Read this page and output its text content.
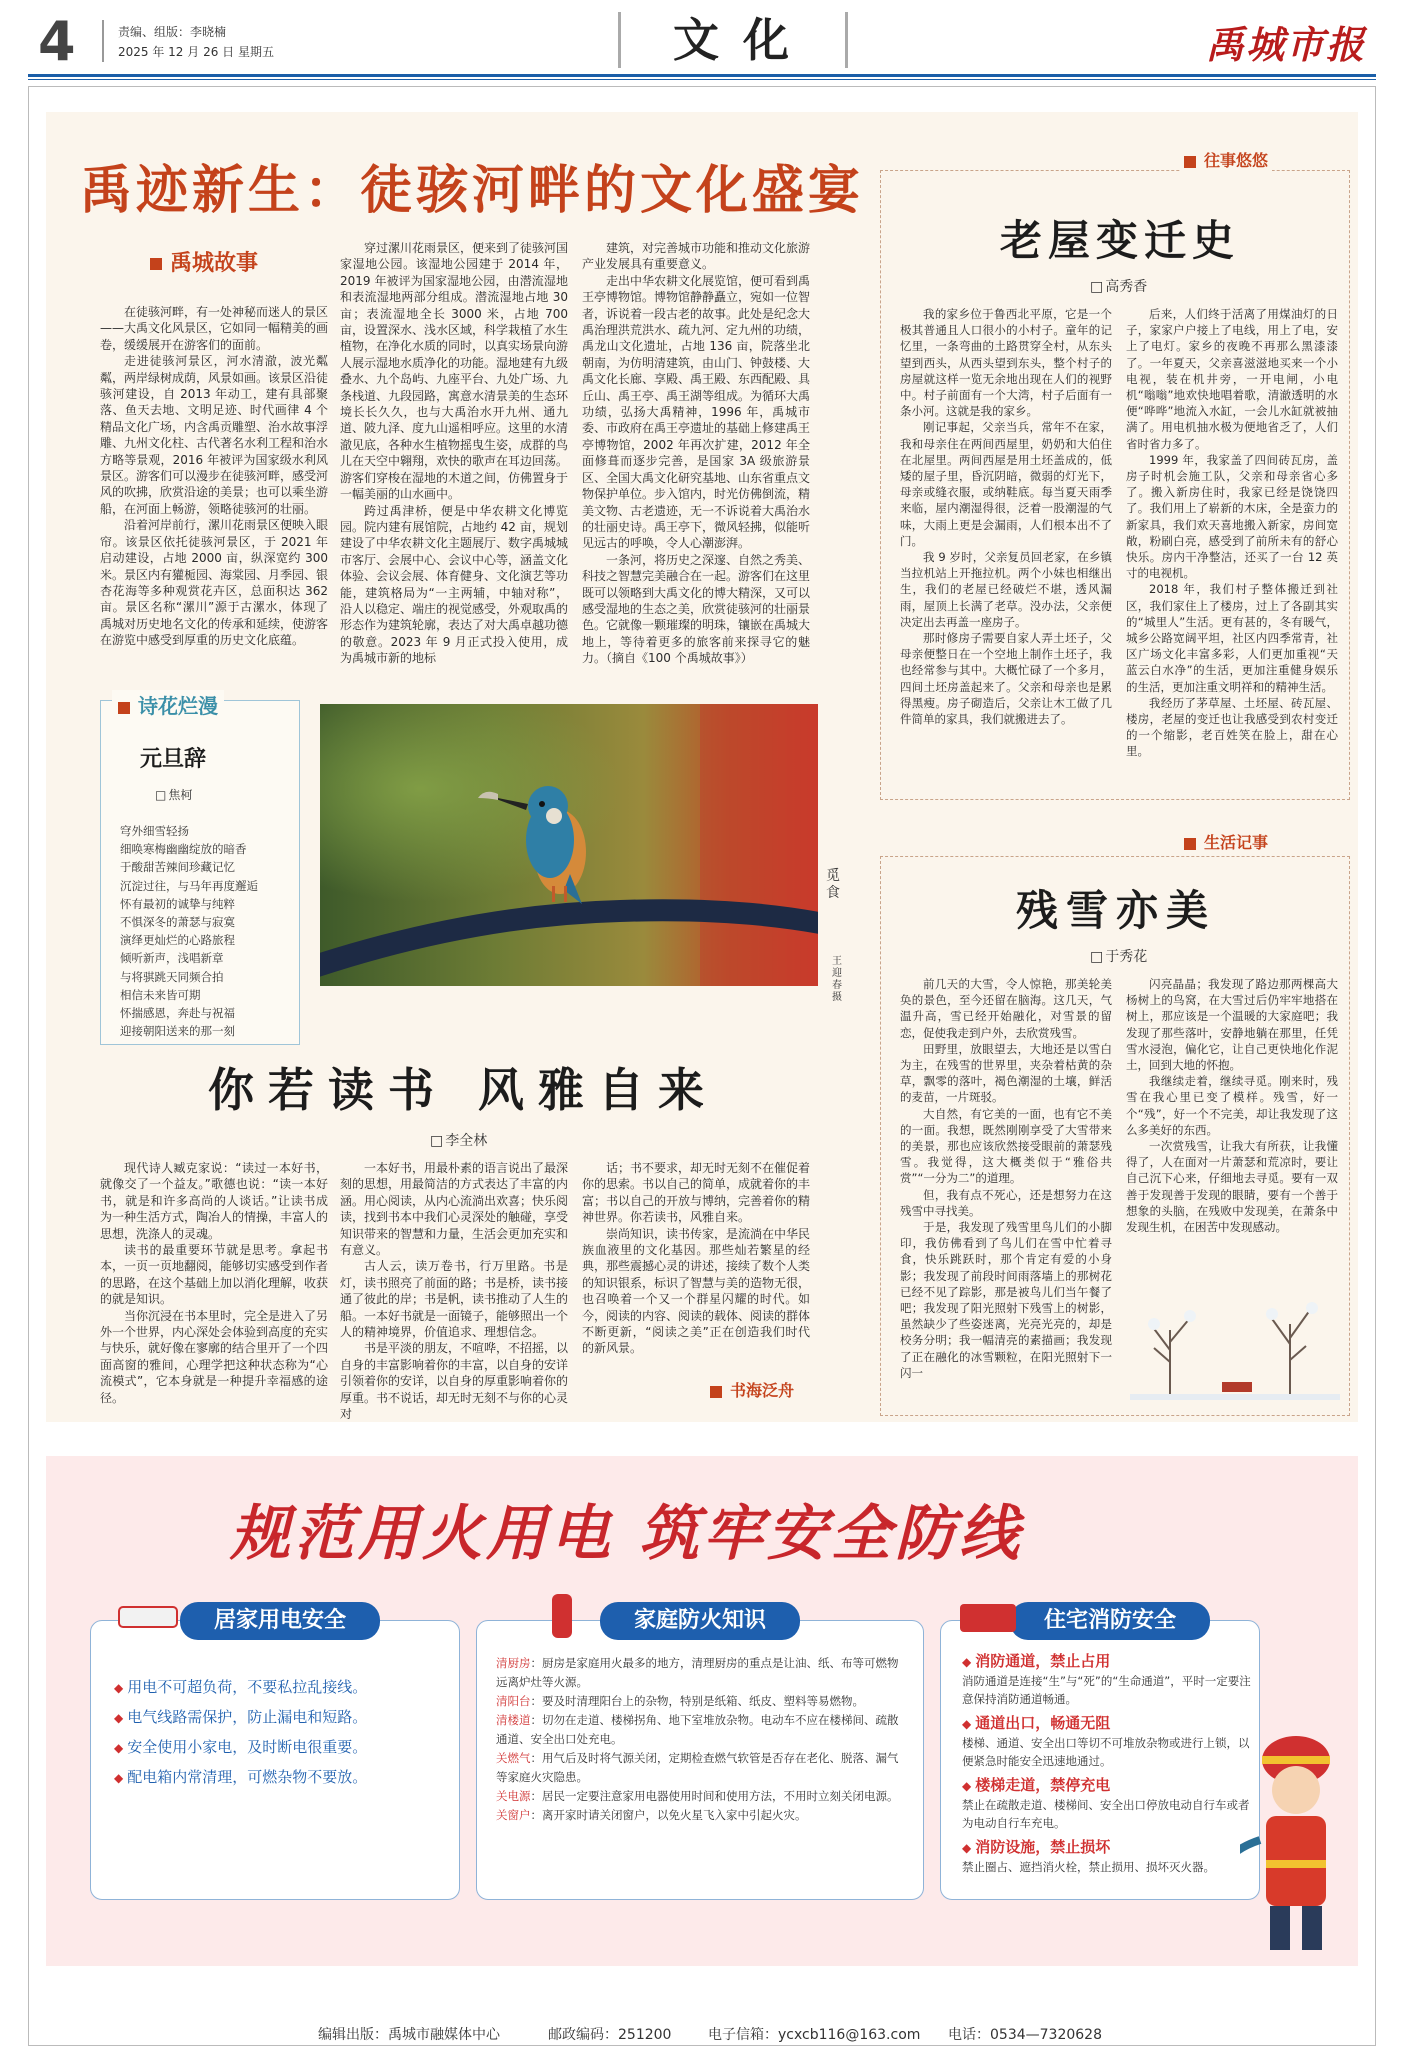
4	责编、组版：李晓楠
2025 年 12 月 26 日 星期五	文化	禹城市报
禹迹新生：徒骇河畔的文化盛宴
禹城故事

在徒骇河畔，有一处神秘而迷人的景区——大禹文化风景区，它如同一幅精美的画卷，缓缓展开在游客们的面前。

走进徒骇河景区，河水清澈，波光粼粼，两岸绿树成荫，风景如画。该景区沿徒骇河建设，自 2013 年动工，建有具部聚落、鱼天去地、文明足迹、时代画律 4 个精品文化广场，内含禹贡雕塑、治水故事浮雕、九州文化柱、古代著名水利工程和治水方略等景观，2016 年被评为国家级水利风景区。游客们可以漫步在徒骇河畔，感受河风的吹拂，欣赏沿途的美景；也可以乘坐游船，在河面上畅游，领略徒骇河的壮丽。

沿着河岸前行，漯川花雨景区便映入眼帘。该景区依托徒骇河景区，于 2021 年启动建设，占地 2000 亩，纵深宽约 300 米。景区内有獾栀园、海棠园、月季园、银杏花海等多种观赏花卉区，总面积达 362 亩。景区名称“漯川”源于古漯水，体现了禹城对历史地名文化的传承和延续，使游客在游览中感受到厚重的历史文化底蕴。

穿过漯川花雨景区，便来到了徒骇河国家湿地公园。该湿地公园建于 2014 年，2019 年被评为国家湿地公园，由潜流湿地和表流湿地两部分组成。潜流湿地占地 30 亩；表流湿地全长 3000 米，占地 700 亩，设置深水、浅水区域，科学栽植了水生植物，在净化水质的同时，以真实场景向游人展示湿地水质净化的功能。湿地建有九级叠水、九个岛屿、九座平台、九处广场、九条栈道、九段园路，寓意水清景美的生态环境长长久久，也与大禹治水开九州、通九道、陂九泽、度九山遥相呼应。这里的水清澈见底，各种水生植物摇曳生姿，成群的鸟儿在天空中翱翔，欢快的歌声在耳边回荡。游客们穿梭在湿地的木道之间，仿佛置身于一幅美丽的山水画中。

跨过禹津桥，便是中华农耕文化博览园。院内建有展馆院，占地约 42 亩，规划建设了中华农耕文化主题展厅、数字禹城城市客厅、会展中心、会议中心等，涵盖文化体验、会议会展、体育健身、文化演艺等功能，建筑格局为“一主两辅，中轴对称”，沿人以稳定、端庄的视觉感受，外观取禹的形态作为建筑轮廓，表达了对大禹卓越功德的敬意。2023 年 9 月正式投入使用，成为禹城市新的地标

建筑，对完善城市功能和推动文化旅游产业发展具有重要意义。

走出中华农耕文化展览馆，便可看到禹王亭博物馆。博物馆静静矗立，宛如一位智者，诉说着一段古老的故事。此处是纪念大禹治理洪荒洪水、疏九河、定九州的功绩，禹龙山文化遗址，占地 136 亩，院落坐北朝南，为仿明清建筑，由山门、钟鼓楼、大禹文化长廊、享殿、禹王殿、东西配殿、具丘山、禹王亭、禹王湖等组成。为循环大禹功绩，弘扬大禹精神，1996 年，禹城市委、市政府在禹王亭遗址的基础上修建禹王亭博物馆，2002 年再次扩建，2012 年全面修葺而逐步完善，是国家 3A 级旅游景区、全国大禹文化研究基地、山东省重点文物保护单位。步入馆内，时光仿佛倒流，精美文物、古老遗迹，无一不诉说着大禹治水的壮丽史诗。禹王亭下，微风轻拂，似能听见远古的呼唤，令人心潮澎湃。

一条河，将历史之深邃、自然之秀美、科技之智慧完美融合在一起。游客们在这里既可以领略到大禹文化的博大精深，又可以感受湿地的生态之美，欣赏徒骇河的壮丽景色。它就像一颗璀璨的明珠，镶嵌在禹城大地上，等待着更多的旅客前来探寻它的魅力。（摘自《100 个禹城故事》）

诗花烂漫
元旦辞
□ 焦柯
穹外细雪轻扬
细唤寒梅幽幽绽放的暗香
于酸甜苦辣间珍藏记忆
沉淀过往，与马年再度邂逅
怀有最初的诚挚与纯粹
不惧深冬的萧瑟与寂寞
演绎更灿烂的心路旅程
倾听新声，浅唱新章
与将骐跳天同频合拍
相信未来皆可期
怀揣感恩，奔赴与祝福
迎接朝阳送来的那一刻
觅食
王迎春摄
你若读书 风雅自来
□ 李全林

现代诗人臧克家说：“读过一本好书，就像交了一个益友。”歌德也说：“读一本好书，就是和许多高尚的人谈话。”让读书成为一种生活方式，陶冶人的情操，丰富人的思想，洗涤人的灵魂。

读书的最重要环节就是思考。拿起书本，一页一页地翻阅，能够切实感受到作者的思路，在这个基础上加以消化理解，收获的就是知识。

当你沉浸在书本里时，完全是进入了另外一个世界，内心深处会体验到高度的充实与快乐，就好像在寥廓的结合里开了一个四面高窗的雅间，心理学把这种状态称为“心流模式”，它本身就是一种提升幸福感的途径。

一本好书，用最朴素的语言说出了最深刻的思想，用最简洁的方式表达了丰富的内涵。用心阅读，从内心流淌出欢喜；快乐阅读，找到书本中我们心灵深处的触碰，享受知识带来的智慧和力量，生活会更加充实和有意义。

古人云，读万卷书，行万里路。书是灯，读书照亮了前面的路；书是桥，读书接通了彼此的岸；书是帆，读书推动了人生的船。一本好书就是一面镜子，能够照出一个人的精神境界，价值追求、理想信念。

书是平淡的朋友，不喧哗，不招摇，以自身的丰富影响着你的丰富，以自身的安详引领着你的安详，以自身的厚重影响着你的厚重。书不说话，却无时无刻不与你的心灵对

话；书不要求，却无时无刻不在催促着你的思索。书以自己的简单，成就着你的丰富；书以自己的开放与博纳，完善着你的精神世界。你若读书，风雅自来。

崇尚知识，读书传家，是流淌在中华民族血液里的文化基因。那些灿若繁星的经典，那些震撼心灵的讲述，接续了数个人类的知识银系，标识了智慧与美的造物无很，也召唤着一个又一个群星闪耀的时代。如今，阅读的内容、阅读的载体、阅读的群体不断更新，“阅读之美”正在创造我们时代的新风景。

书海泛舟
往事悠悠
老屋变迁史
□ 高秀香

我的家乡位于鲁西北平原，它是一个极其普通且人口很小的小村子。童年的记忆里，一条弯曲的土路贯穿全村，从东头望到西头，从西头望到东头，整个村子的房屋就这样一览无余地出现在人们的视野中。村子前面有一个大湾，村子后面有一条小河。这就是我的家乡。

刚记事起，父亲当兵，常年不在家，我和母亲住在两间西屋里，奶奶和大伯住在北屋里。两间西屋是用土坯盖成的，低矮的屋子里，昏沉阴暗，微弱的灯光下，母亲或缝衣服，或纳鞋底。每当夏天雨季来临，屋内潮湿得很，泛着一股潮湿的气味，大雨上更是会漏雨，人们根本出不了门。

我 9 岁时，父亲复员回老家，在乡镇当拉机站上开拖拉机。两个小妹也相继出生，我们的老屋已经破烂不堪，透风漏雨，屋顶上长满了老草。没办法，父亲便决定出去再盖一座房子。

那时修房子需要自家人弄土坯子，父母亲便整日在一个空地上制作土坯子，我也经常参与其中。大概忙碌了一个多月，四间土坯房盖起来了。父亲和母亲也是累得黑瘦。房子砌造后，父亲让木工做了几件简单的家具，我们就搬进去了。

后来，人们终于活离了用煤油灯的日子，家家户户接上了电线，用上了电，安上了电灯。家乡的夜晚不再那么黑漆漆了。一年夏天，父亲喜滋滋地买来一个小电视，装在机井旁，一开电闸，小电机“嗡嗡”地欢快地唱着歌，清澈透明的水便“哗哗”地流入水缸，一会儿水缸就被抽满了。用电机抽水极为便地省乏了，人们省时省力多了。

1999 年，我家盖了四间砖瓦房，盖房子时机会施工队，父亲和母亲省心多了。搬入新房住时，我家已经是饶饶四了。我们用上了崭新的木床，全是蛮力的新家具，我们欢天喜地搬入新家，房间宽敞，粉刷白亮，感受到了前所未有的舒心快乐。房内干净整洁，还买了一台 12 英寸的电视机。

2018 年，我们村子整体搬迁到社区，我们家住上了楼房，过上了各副其实的“城里人”生活。更有甚的，冬有暖气，城乡公路宽阔平坦，社区内四季常青，社区广场文化丰富多彩，人们更加重视“天蓝云白水净”的生活，更加注重健身娱乐的生活，更加注重文明祥和的精神生活。

我经历了茅草屋、土坯屋、砖瓦屋、楼房，老屋的变迁也让我感受到农村变迁的一个缩影，老百姓笑在脸上，甜在心里。

生活记事
残雪亦美
□ 于秀花

前几天的大雪，令人惊艳，那美轮美奂的景色，至今还留在脑海。这几天，气温升高，雪已经开始融化，对雪景的留恋，促使我走到户外，去欣赏残雪。

田野里，放眼望去，大地还是以雪白为主，在残雪的世界里，夹杂着枯黄的杂草，飘零的落叶，褐色潮湿的土壤，鲜活的麦苗，一片斑驳。

大自然，有它美的一面，也有它不美的一面。我想，既然刚刚享受了大雪带来的美景，那也应该欣然接受眼前的萧瑟残雪。我觉得，这大概类似于“雅俗共赏”“一分为二”的道理。

但，我有点不死心，还是想努力在这残雪中寻找美。

于是，我发现了残雪里鸟儿们的小脚印，我仿佛看到了鸟儿们在雪中忙着寻食，快乐跳跃时，那个肯定有爱的小身影；我发现了前段时间雨落墙上的那树花已经不见了踪影，那是被鸟儿们当午餐了吧；我发现了阳光照射下残雪上的树影，虽然缺少了些姿迷离，光亮光亮的，却是校务分明；我一幅清亮的素描画；我发现了正在融化的冰雪颗粒，在阳光照射下一闪一

闪亮晶晶；我发现了路边那两棵高大杨树上的鸟窝，在大雪过后仍牢牢地搭在树上，那应该是一个温暖的大家庭吧；我发现了那些落叶，安静地躺在那里，任凭雪水浸泡，偏化它，让自己更快地化作泥土，回到大地的怀抱。

我继续走着，继续寻觅。刚来时，残雪在我心里已变了模样。残雪，好一个“残”，好一个不完美，却让我发现了这么多美好的东西。

一次赏残雪，让我大有所获，让我懂得了，人在面对一片萧瑟和荒凉时，要让自己沉下心来，仔细地去寻觅。要有一双善于发现善于发现的眼睛，要有一个善于想象的头脑，在残败中发现美，在萧条中发现生机，在困苦中发现感动。

规范用火用电 筑牢安全防线
居家用电安全
◆ 用电不可超负荷，不要私拉乱接线。
◆ 电气线路需保护，防止漏电和短路。
◆ 安全使用小家电，及时断电很重要。
◆ 配电箱内常清理，可燃杂物不要放。
家庭防火知识
清厨房：厨房是家庭用火最多的地方，清理厨房的重点是让油、纸、布等可燃物远离炉灶等火源。
清阳台：要及时清理阳台上的杂物，特别是纸箱、纸皮、塑料等易燃物。
清楼道：切勿在走道、楼梯拐角、地下室堆放杂物。电动车不应在楼梯间、疏散通道、安全出口处充电。
关燃气：用气后及时将气源关闭，定期检查燃气软管是否存在老化、脱落、漏气等家庭火灾隐患。
关电源：居民一定要注意家用电器使用时间和使用方法，不用时立刻关闭电源。
关窗户：离开家时请关闭窗户，以免火星飞入家中引起火灾。
住宅消防安全
◆ 消防通道，禁止占用
消防通道是连接“生”与“死”的“生命通道”，平时一定要注意保持消防通道畅通。
◆ 通道出口，畅通无阻
楼梯、通道、安全出口等切不可堆放杂物或进行上锁，以便紧急时能安全迅速地通过。
◆ 楼梯走道，禁停充电
禁止在疏散走道、楼梯间、安全出口停放电动自行车或者为电动自行车充电。
◆ 消防设施，禁止损坏
禁止圈占、遮挡消火栓，禁止损用、损坏灭火器。
编辑出版：禹城市融媒体中心	邮政编码：251200	电子信箱：ycxcb116@163.com 电话：0534—7320628
